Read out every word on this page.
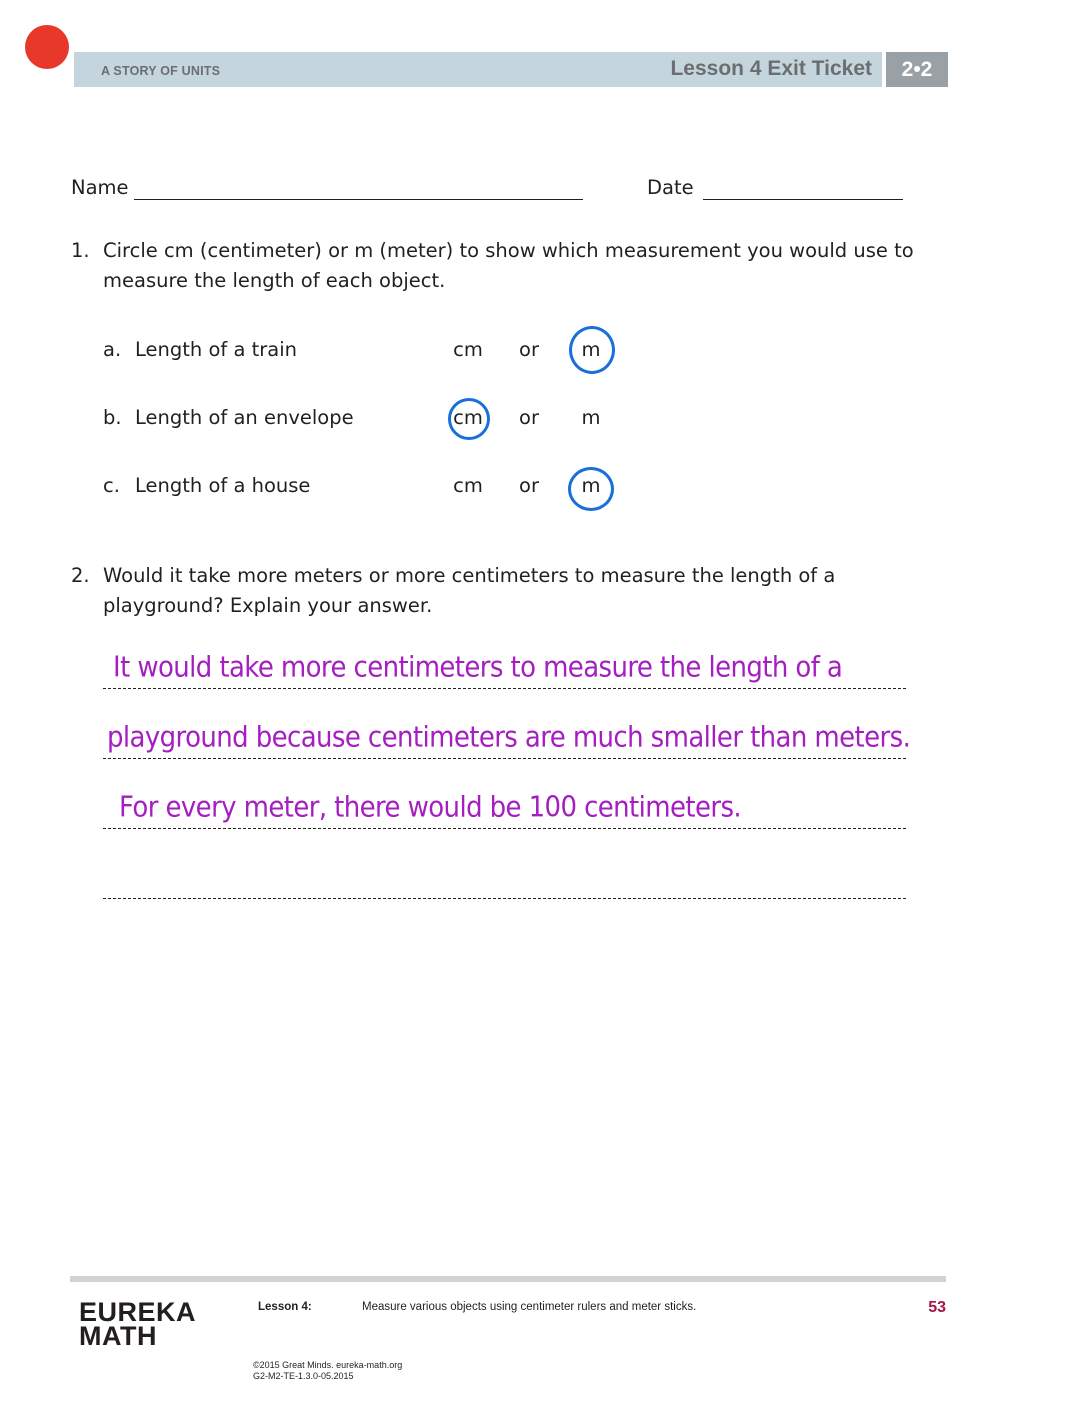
A STORY OF UNITS	Lesson 4 Exit Ticket	2•2
Name	Date
1. Circle cm (centimeter) or m (meter) to show which measurement you would use to
measure the length of each object.
a. Length of a train	cm	or	m
b. Length of an envelope	cm	or	m
c. Length of a house	cm	or	m
2. Would it take more meters or more centimeters to measure the length of a
playground? Explain your answer.
It would take more centimeters to measure the length of a
playground because centimeters are much smaller than meters.
For every meter, there would be 100 centimeters.
EUREKA
MATH
Lesson 4:	Measure various objects using centimeter rulers and meter sticks.	53
©2015 Great Minds. eureka-math.org
G2-M2-TE-1.3.0-05.2015
